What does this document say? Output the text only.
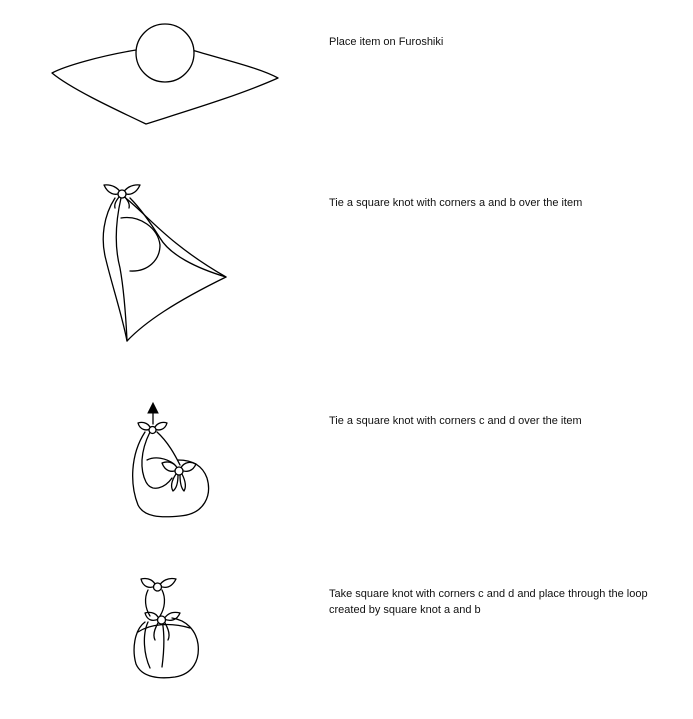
Place item on Furoshiki

Tie a square knot with corners a and b over the item

Tie a square knot with corners c and d over the item

Take square knot with corners c and d and place through the loop created by square knot a and b
